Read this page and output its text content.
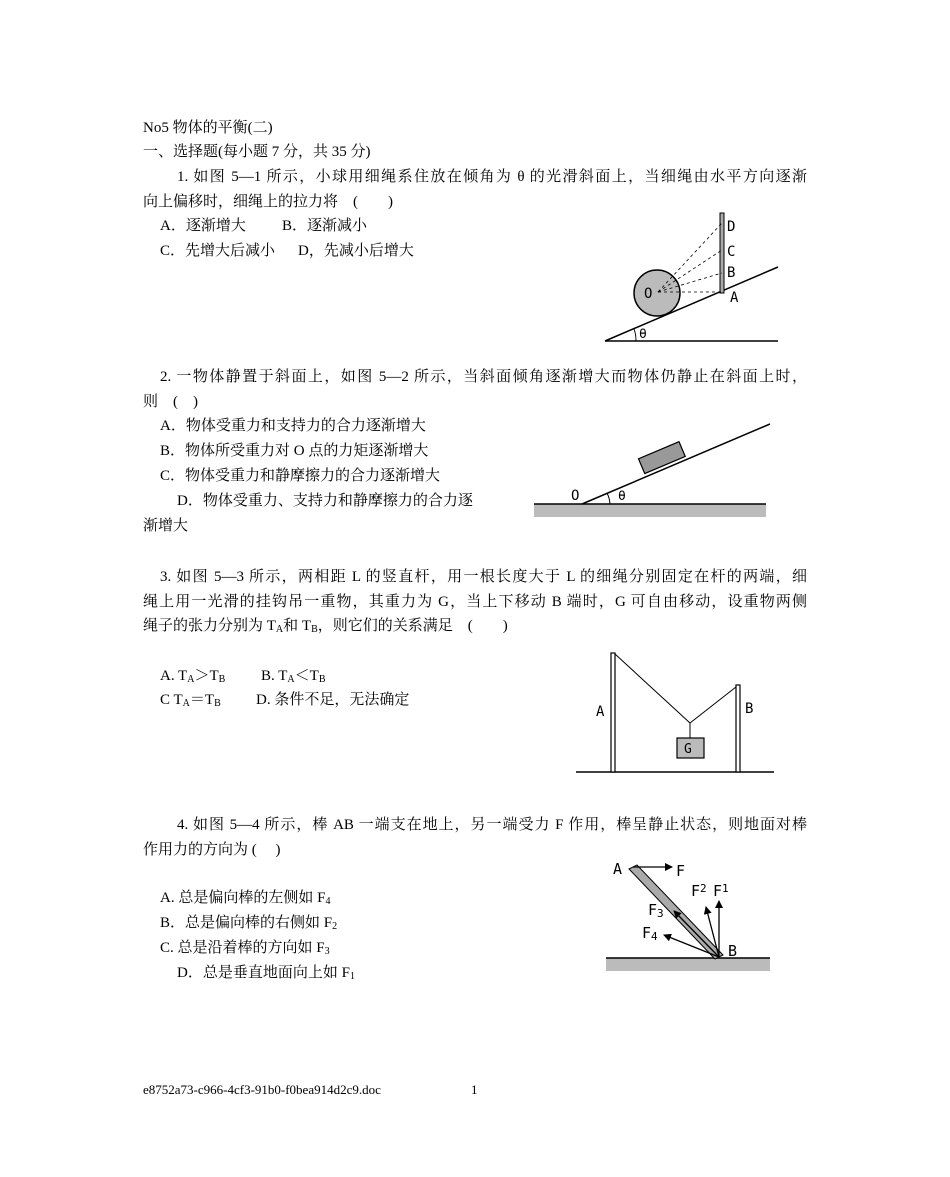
No5 物体的平衡(二)
一、选择题(每小题 7 分，共 35 分)
1. 如图 5—1 所示，小球用细绳系住放在倾角为 θ 的光滑斜面上，当细绳由水平方向逐渐
向上偏移时，细绳上的拉力将　(　　)
A．逐渐增大 B．逐渐减小
C．先增大后减小 D，先减小后增大
D
C
B
A
O
θ
2. 一物体静置于斜面上，如图 5—2 所示，当斜面倾角逐渐增大而物体仍静止在斜面上时，
则　(　)
A．物体受重力和支持力的合力逐渐增大
B．物体所受重力对 O 点的力矩逐渐增大
C．物体受重力和静摩擦力的合力逐渐增大
D．物体受重力、支持力和静摩擦力的合力逐
渐增大
O	θ
3. 如图 5—3 所示，两相距 L 的竖直杆，用一根长度大于 L 的细绳分别固定在杆的两端，细
绳上用一光滑的挂钩吊一重物，其重力为 G，当上下移动 B 端时，G 可自由移动，设重物两侧
绳子的张力分别为 $T_A$和 $T_B$，则它们的关系满足　(　　)
A. $T_A>T_B$ B. $T_A<T_B$
C $T_A=T_B$ D. 条件不足，无法确定
G
A	B
4. 如图 5—4 所示，棒 AB 一端支在地上，另一端受力 F 作用，棒呈静止状态，则地面对棒
作用力的方向为 (　 )
A. 总是偏向棒的左侧如 $F_4$
B．总是偏向棒的右侧如 $F_2$
C. 总是沿着棒的方向如 $F_3$
D．总是垂直地面向上如 $F_1$
A	F
$F^2$ $F^1$
F3
F4
B
e8752a73-c966-4cf3-91b0-f0bea914d2c9.doc	1
